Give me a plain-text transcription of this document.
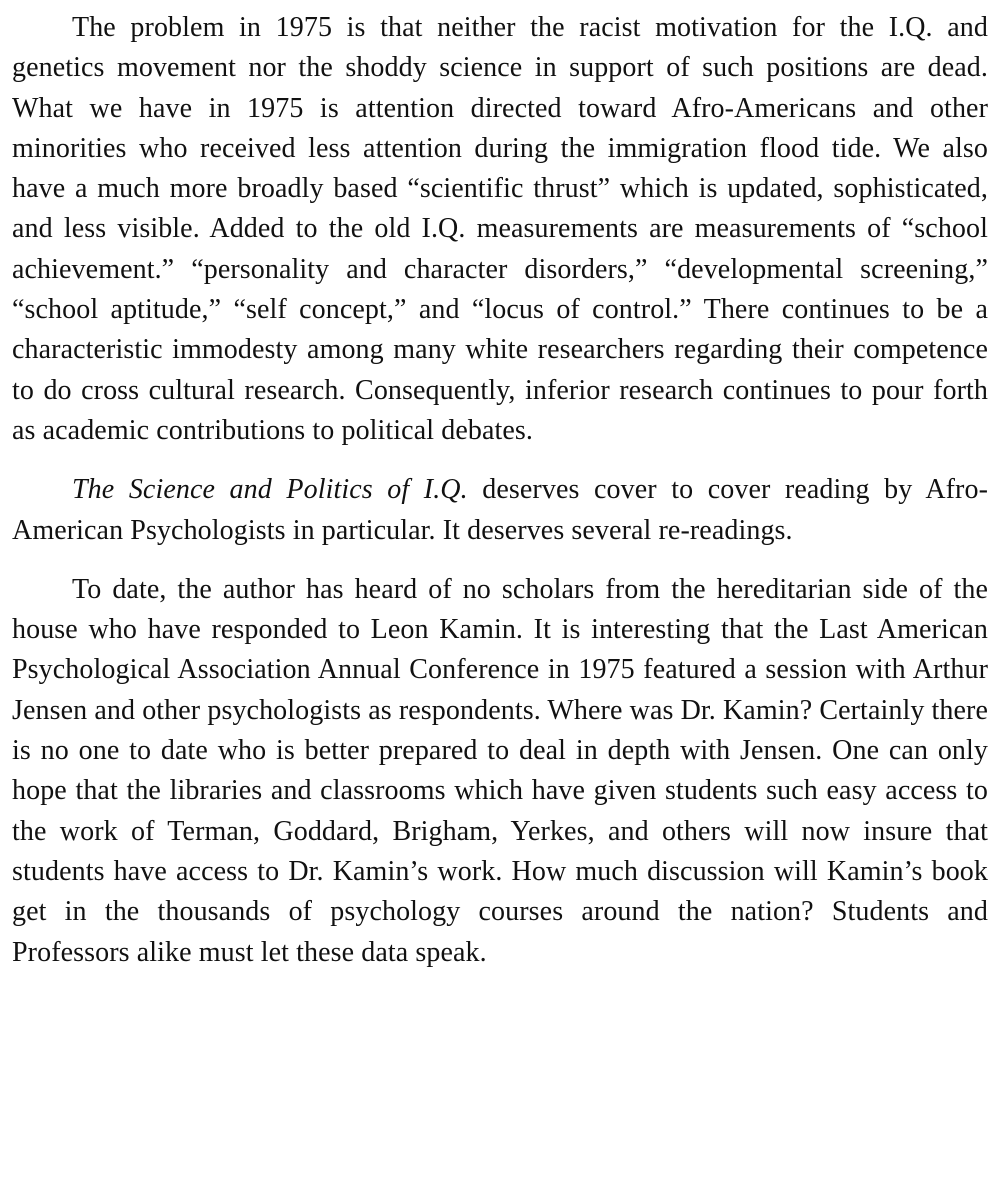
The problem in 1975 is that neither the racist motivation for the I.Q. and genetics movement nor the shoddy science in support of such positions are dead. What we have in 1975 is attention directed toward Afro-Americans and other minorities who received less attention during the immigration flood tide. We also have a much more broadly based “scientific thrust” which is updated, sophisticated, and less visible. Added to the old I.Q. measurements are measurements of “school achievement.” “personality and character disorders,” “developmental screening,” “school aptitude,” “self concept,” and “locus of control.” There continues to be a characteristic immodesty among many white researchers regarding their competence to do cross cultural research. Consequently, inferior research continues to pour forth as academic contributions to political debates.

The Science and Politics of I.Q. deserves cover to cover reading by Afro-American Psychologists in particular. It deserves several re-readings.

To date, the author has heard of no scholars from the hereditarian side of the house who have responded to Leon Kamin. It is interesting that the Last American Psychological Association Annual Conference in 1975 featured a session with Arthur Jensen and other psychologists as respondents. Where was Dr. Kamin? Certainly there is no one to date who is better prepared to deal in depth with Jensen. One can only hope that the libraries and classrooms which have given students such easy access to the work of Terman, Goddard, Brigham, Yerkes, and others will now insure that students have access to Dr. Kamin’s work. How much discussion will Kamin’s book get in the thousands of psychology courses around the nation? Students and Professors alike must let these data speak.
